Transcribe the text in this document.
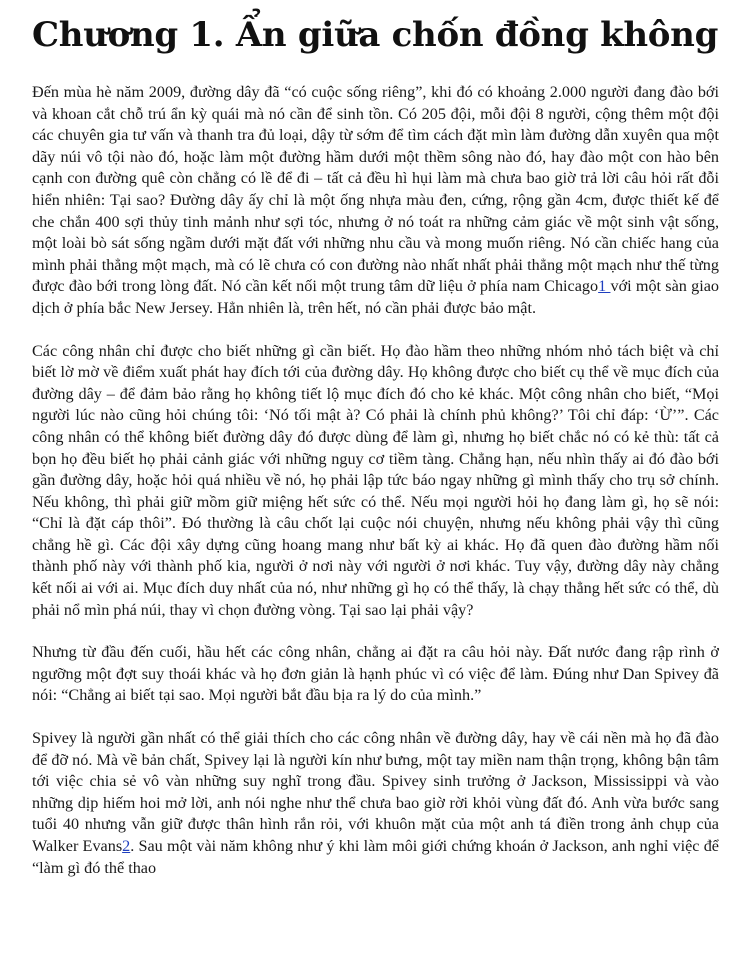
Chương 1. Ẩn giữa chốn đồng không

Đến mùa hè năm 2009, đường dây đã “có cuộc sống riêng”, khi đó có khoảng 2.000 người đang đào bới và khoan cắt chỗ trú ẩn kỳ quái mà nó cần để sinh tồn. Có 205 đội, mỗi đội 8 người, cộng thêm một đội các chuyên gia tư vấn và thanh tra đủ loại, dậy từ sớm để tìm cách đặt mìn làm đường dẫn xuyên qua một dãy núi vô tội nào đó, hoặc làm một đường hầm dưới một thềm sông nào đó, hay đào một con hào bên cạnh con đường quê còn chẳng có lề để đi – tất cả đều hì hụi làm mà chưa bao giờ trả lời câu hỏi rất đỗi hiển nhiên: Tại sao? Đường dây ấy chỉ là một ống nhựa màu đen, cứng, rộng gần 4cm, được thiết kế để che chắn 400 sợi thủy tinh mảnh như sợi tóc, nhưng ở nó toát ra những cảm giác về một sinh vật sống, một loài bò sát sống ngầm dưới mặt đất với những nhu cầu và mong muốn riêng. Nó cần chiếc hang của mình phải thẳng một mạch, mà có lẽ chưa có con đường nào nhất nhất phải thẳng một mạch như thế từng được đào bới trong lòng đất. Nó cần kết nối một trung tâm dữ liệu ở phía nam Chicago1 với một sàn giao dịch ở phía bắc New Jersey. Hẳn nhiên là, trên hết, nó cần phải được bảo mật.

Các công nhân chỉ được cho biết những gì cần biết. Họ đào hầm theo những nhóm nhỏ tách biệt và chỉ biết lờ mờ về điểm xuất phát hay đích tới của đường dây. Họ không được cho biết cụ thể về mục đích của đường dây – để đảm bảo rằng họ không tiết lộ mục đích đó cho kẻ khác. Một công nhân cho biết, “Mọi người lúc nào cũng hỏi chúng tôi: ‘Nó tối mật à? Có phải là chính phủ không?’ Tôi chỉ đáp: ‘Ừ’”. Các công nhân có thể không biết đường dây đó được dùng để làm gì, nhưng họ biết chắc nó có kẻ thù: tất cả bọn họ đều biết họ phải cảnh giác với những nguy cơ tiềm tàng. Chẳng hạn, nếu nhìn thấy ai đó đào bới gần đường dây, hoặc hỏi quá nhiều về nó, họ phải lập tức báo ngay những gì mình thấy cho trụ sở chính. Nếu không, thì phải giữ mồm giữ miệng hết sức có thể. Nếu mọi người hỏi họ đang làm gì, họ sẽ nói: “Chỉ là đặt cáp thôi”. Đó thường là câu chốt lại cuộc nói chuyện, nhưng nếu không phải vậy thì cũng chẳng hề gì. Các đội xây dựng cũng hoang mang như bất kỳ ai khác. Họ đã quen đào đường hầm nối thành phố này với thành phố kia, người ở nơi này với người ở nơi khác. Tuy vậy, đường dây này chẳng kết nối ai với ai. Mục đích duy nhất của nó, như những gì họ có thể thấy, là chạy thẳng hết sức có thể, dù phải nổ mìn phá núi, thay vì chọn đường vòng. Tại sao lại phải vậy?

Nhưng từ đầu đến cuối, hầu hết các công nhân, chẳng ai đặt ra câu hỏi này. Đất nước đang rập rình ở ngưỡng một đợt suy thoái khác và họ đơn giản là hạnh phúc vì có việc để làm. Đúng như Dan Spivey đã nói: “Chẳng ai biết tại sao. Mọi người bắt đầu bịa ra lý do của mình.”

Spivey là người gần nhất có thể giải thích cho các công nhân về đường dây, hay về cái nền mà họ đã đào để đỡ nó. Mà về bản chất, Spivey lại là người kín như bưng, một tay miền nam thận trọng, không bận tâm tới việc chia sẻ vô vàn những suy nghĩ trong đầu. Spivey sinh trưởng ở Jackson, Mississippi và vào những dịp hiếm hoi mở lời, anh nói nghe như thể chưa bao giờ rời khỏi vùng đất đó. Anh vừa bước sang tuổi 40 nhưng vẫn giữ được thân hình rắn rỏi, với khuôn mặt của một anh tá điền trong ảnh chụp của Walker Evans2. Sau một vài năm không như ý khi làm môi giới chứng khoán ở Jackson, anh nghỉ việc để “làm gì đó thể thao
